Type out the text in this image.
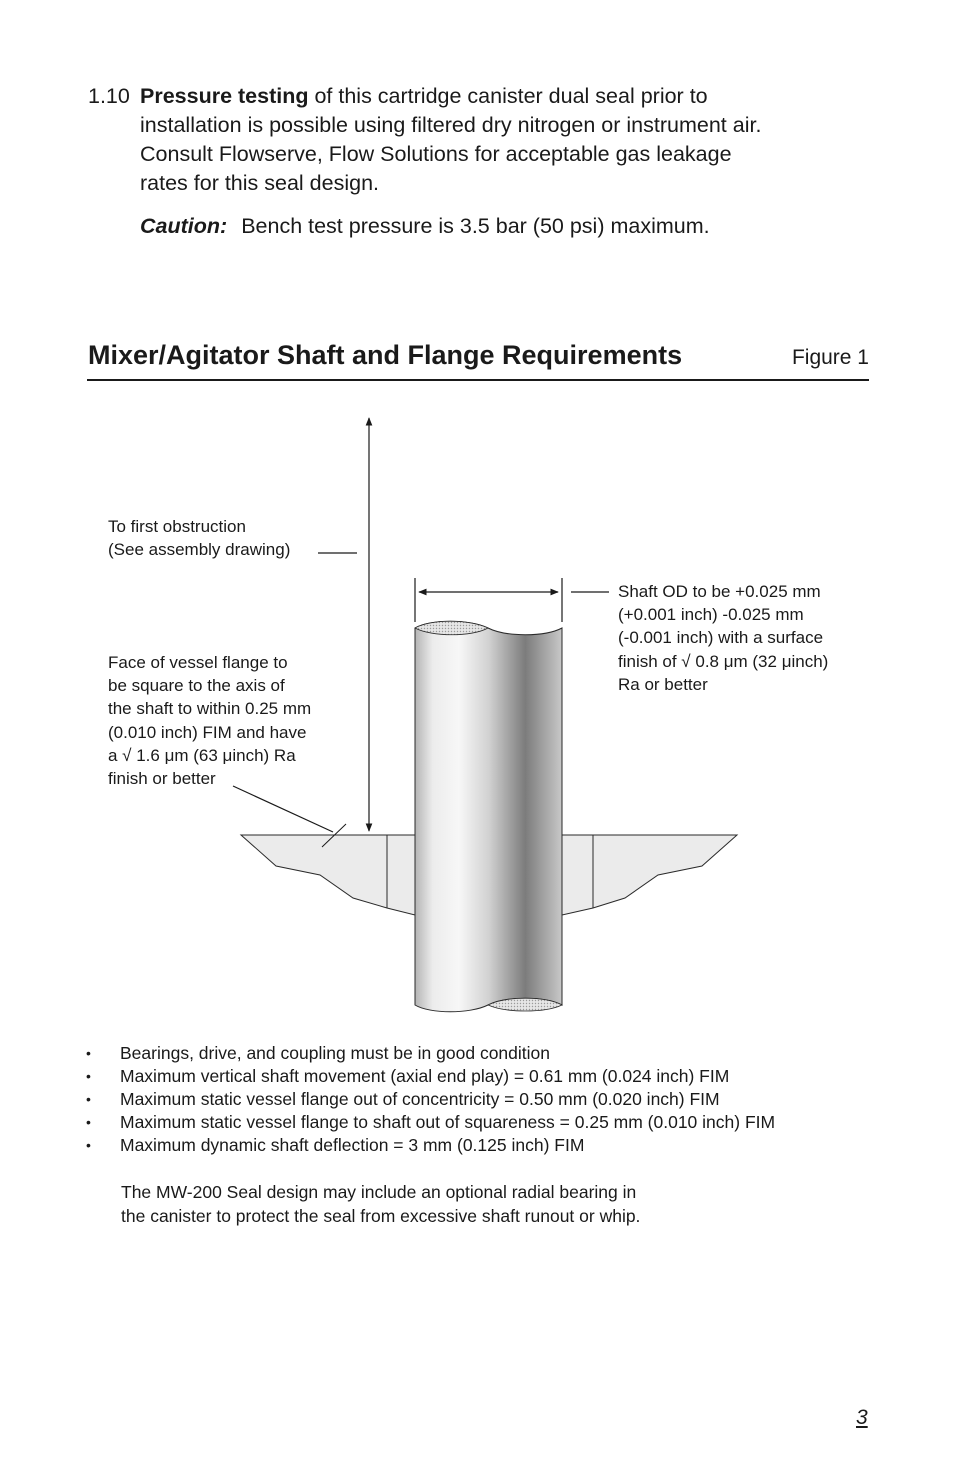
1.10 Pressure testing of this cartridge canister dual seal prior to
installation is possible using filtered dry nitrogen or instrument air.
Consult Flowserve, Flow Solutions for acceptable gas leakage
rates for this seal design.
Caution: Bench test pressure is 3.5 bar (50 psi) maximum.
Mixer/Agitator Shaft and Flange Requirements	Figure 1
To first obstruction
(See assembly drawing)
Face of vessel flange to
be square to the axis of
the shaft to within 0.25 mm
(0.010 inch) FIM and have
a √ 1.6 μm (63 μinch) Ra
finish or better
Shaft OD to be +0.025 mm
(+0.001 inch) -0.025 mm
(-0.001 inch) with a surface
finish of √ 0.8 μm (32 μinch)
Ra or better
• Bearings, drive, and coupling must be in good condition
• Maximum vertical shaft movement (axial end play) = 0.61 mm (0.024 inch) FIM
• Maximum static vessel flange out of concentricity = 0.50 mm (0.020 inch) FIM
• Maximum static vessel flange to shaft out of squareness = 0.25 mm (0.010 inch) FIM
• Maximum dynamic shaft deflection = 3 mm (0.125 inch) FIM
The MW-200 Seal design may include an optional radial bearing in
the canister to protect the seal from excessive shaft runout or whip.
3
